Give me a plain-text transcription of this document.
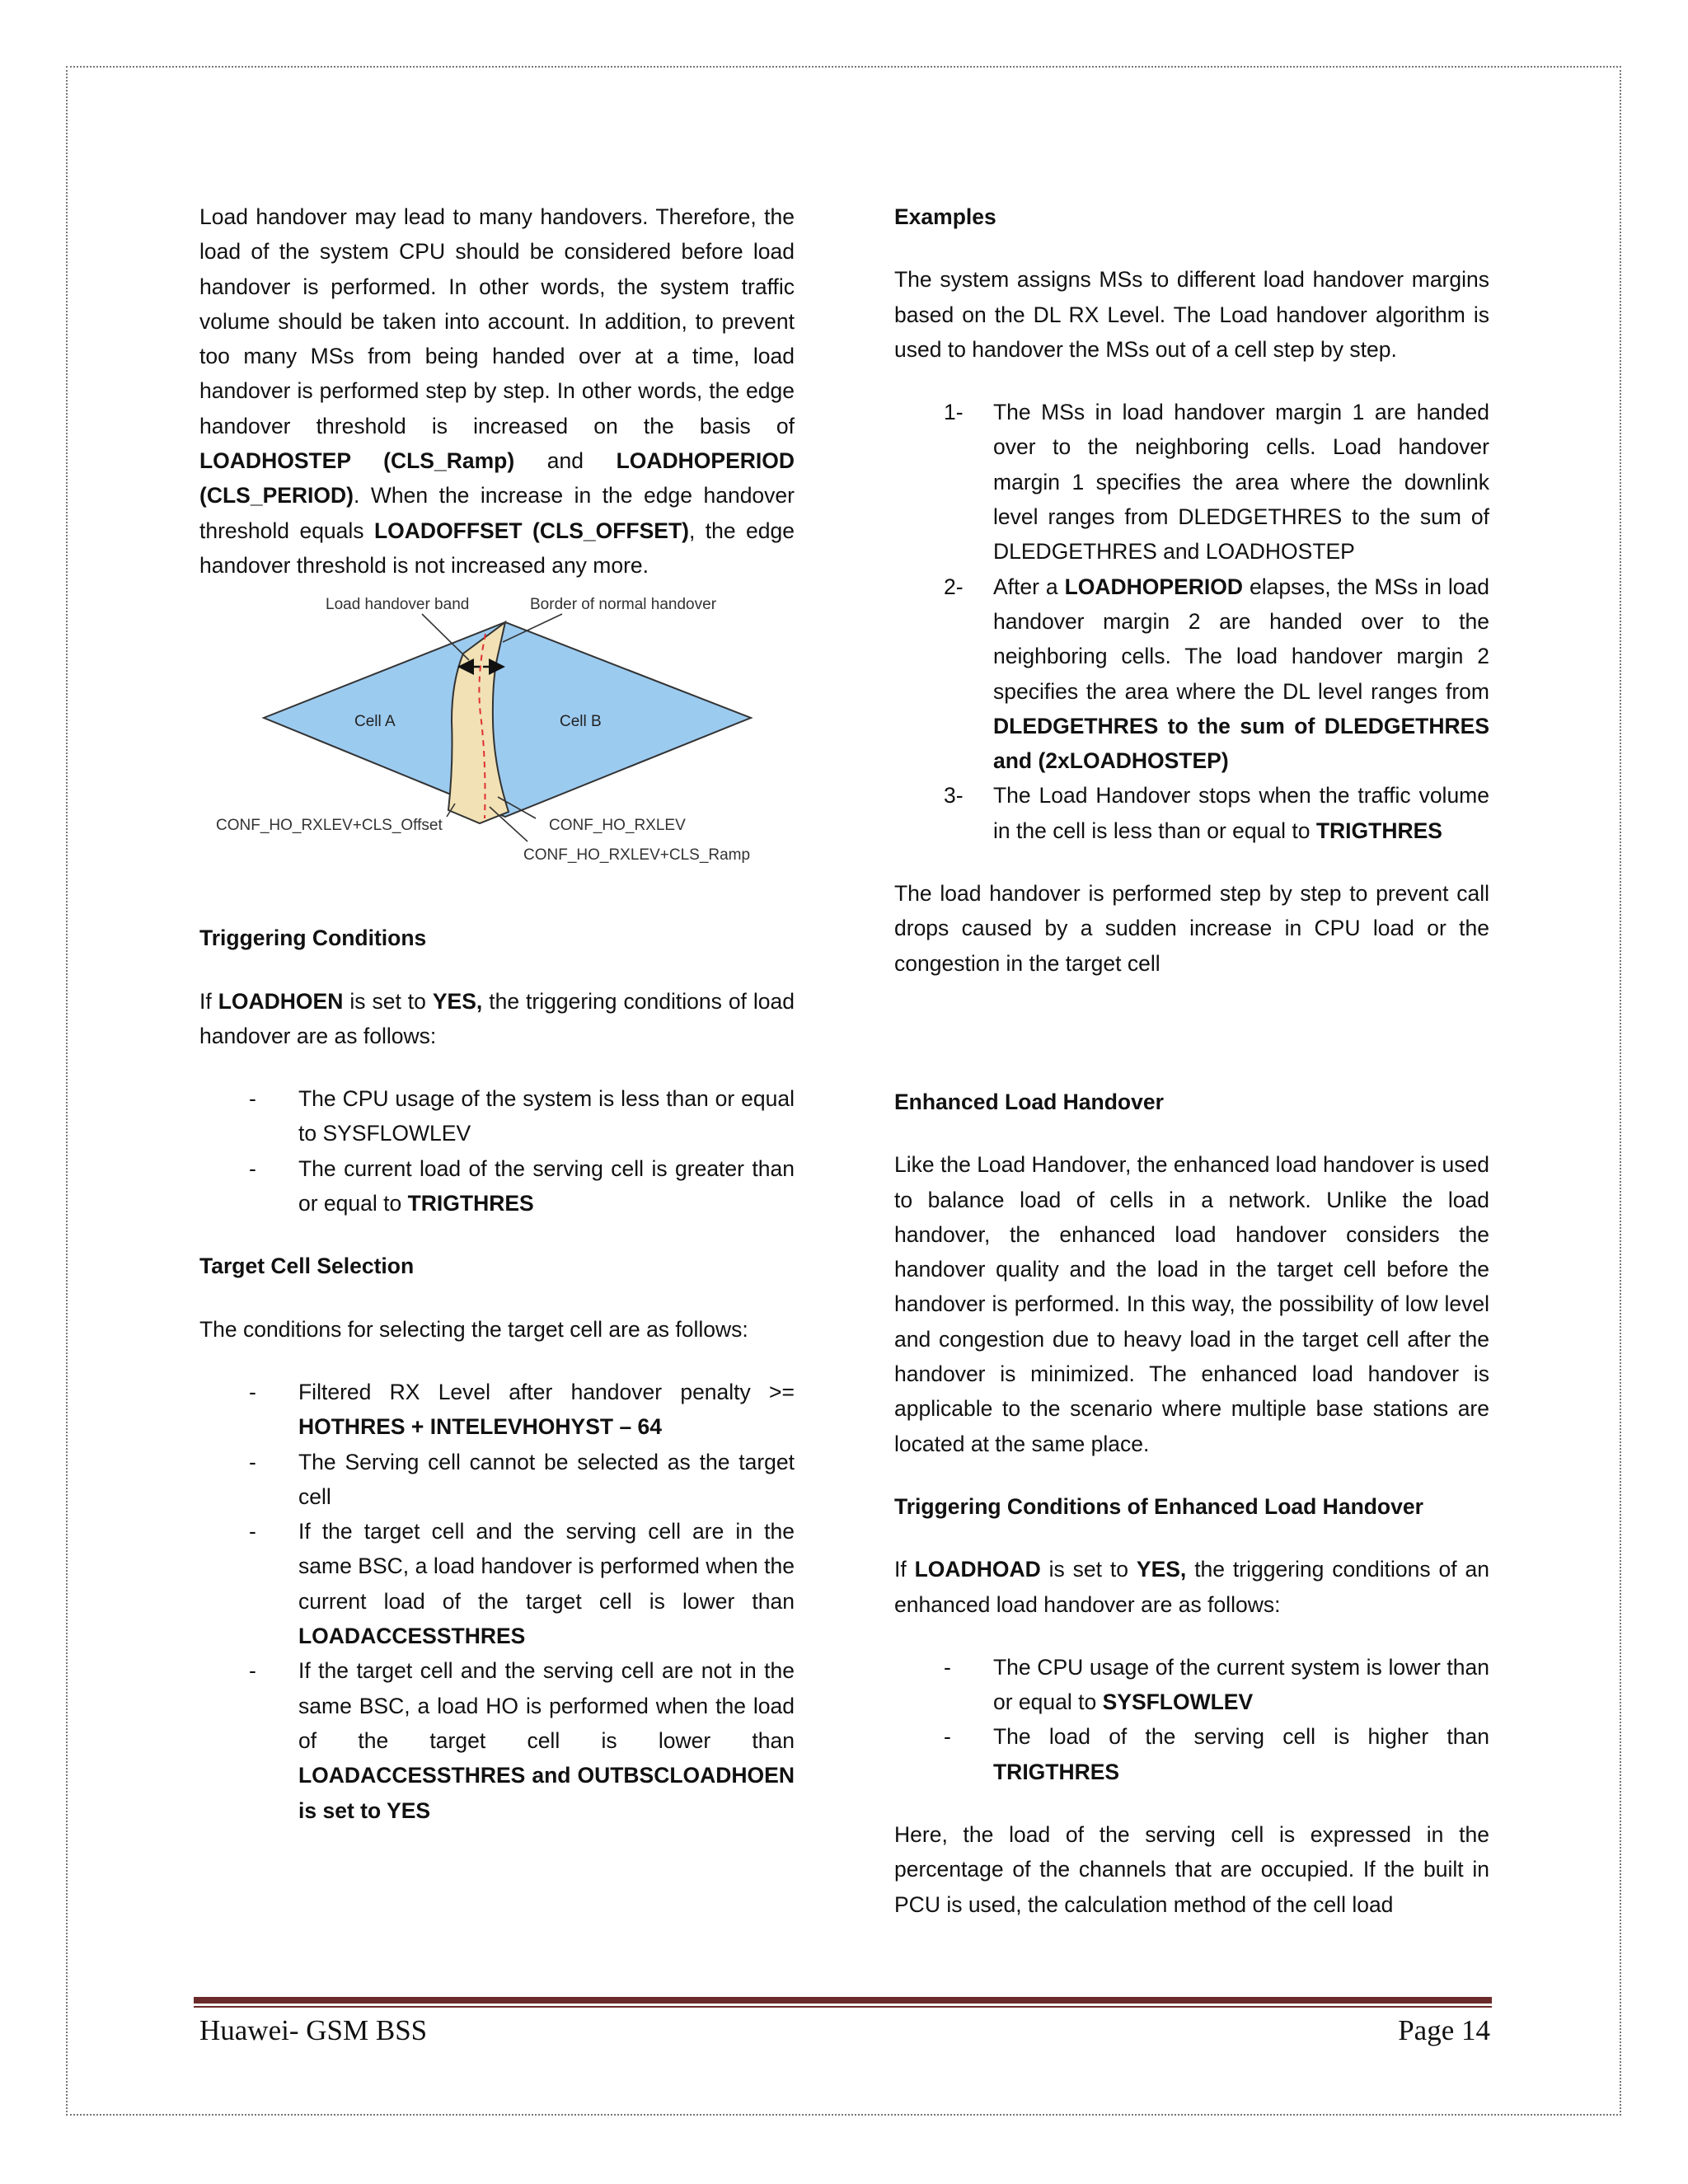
Load handover may lead to many handovers. Therefore, the load of the system CPU should be considered before load handover is performed. In other words, the system traffic volume should be taken into account. In addition, to prevent too many MSs from being handed over at a time, load handover is performed step by step. In other words, the edge handover threshold is increased on the basis of LOADHOSTEP (CLS_Ramp) and LOADHOPERIOD (CLS_PERIOD). When the increase in the edge handover threshold equals LOADOFFSET (CLS_OFFSET), the edge handover threshold is not increased any more.

Load handover band	Border of normal handover
Cell A	Cell B
CONF_HO_RXLEV+CLS_Offset	CONF_HO_RXLEV
CONF_HO_RXLEV+CLS_Ramp

Triggering Conditions

If LOADHOEN is set to YES, the triggering conditions of load handover are as follows:

- The CPU usage of the system is less than or equal to SYSFLOWLEV
- The current load of the serving cell is greater than or equal to TRIGTHRES

Target Cell Selection

The conditions for selecting the target cell are as follows:

- Filtered RX Level after handover penalty >= HOTHRES + INTELEVHOHYST – 64
- The Serving cell cannot be selected as the target cell
- If the target cell and the serving cell are in the same BSC, a load handover is performed when the current load of the target cell is lower than LOADACCESSTHRES
- If the target cell and the serving cell are not in the same BSC, a load HO is performed when the load of the target cell is lower than LOADACCESSTHRES and OUTBSCLOADHOEN is set to YES

Examples

The system assigns MSs to different load handover margins based on the DL RX Level. The Load handover algorithm is used to handover the MSs out of a cell step by step.

1- The MSs in load handover margin 1 are handed over to the neighboring cells. Load handover margin 1 specifies the area where the downlink level ranges from DLEDGETHRES to the sum of DLEDGETHRES and LOADHOSTEP
2- After a LOADHOPERIOD elapses, the MSs in load handover margin 2 are handed over to the neighboring cells. The load handover margin 2 specifies the area where the DL level ranges from DLEDGETHRES to the sum of DLEDGETHRES and (2xLOADHOSTEP)
3- The Load Handover stops when the traffic volume in the cell is less than or equal to TRIGTHRES

The load handover is performed step by step to prevent call drops caused by a sudden increase in CPU load or the congestion in the target cell

Enhanced Load Handover

Like the Load Handover, the enhanced load handover is used to balance load of cells in a network. Unlike the load handover, the enhanced load handover considers the handover quality and the load in the target cell before the handover is performed. In this way, the possibility of low level and congestion due to heavy load in the target cell after the handover is minimized. The enhanced load handover is applicable to the scenario where multiple base stations are located at the same place.

Triggering Conditions of Enhanced Load Handover

If LOADHOAD is set to YES, the triggering conditions of an enhanced load handover are as follows:

- The CPU usage of the current system is lower than or equal to SYSFLOWLEV
- The load of the serving cell is higher than TRIGTHRES

Here, the load of the serving cell is expressed in the percentage of the channels that are occupied. If the built in PCU is used, the calculation method of the cell load

Huawei- GSM BSS	Page 14
